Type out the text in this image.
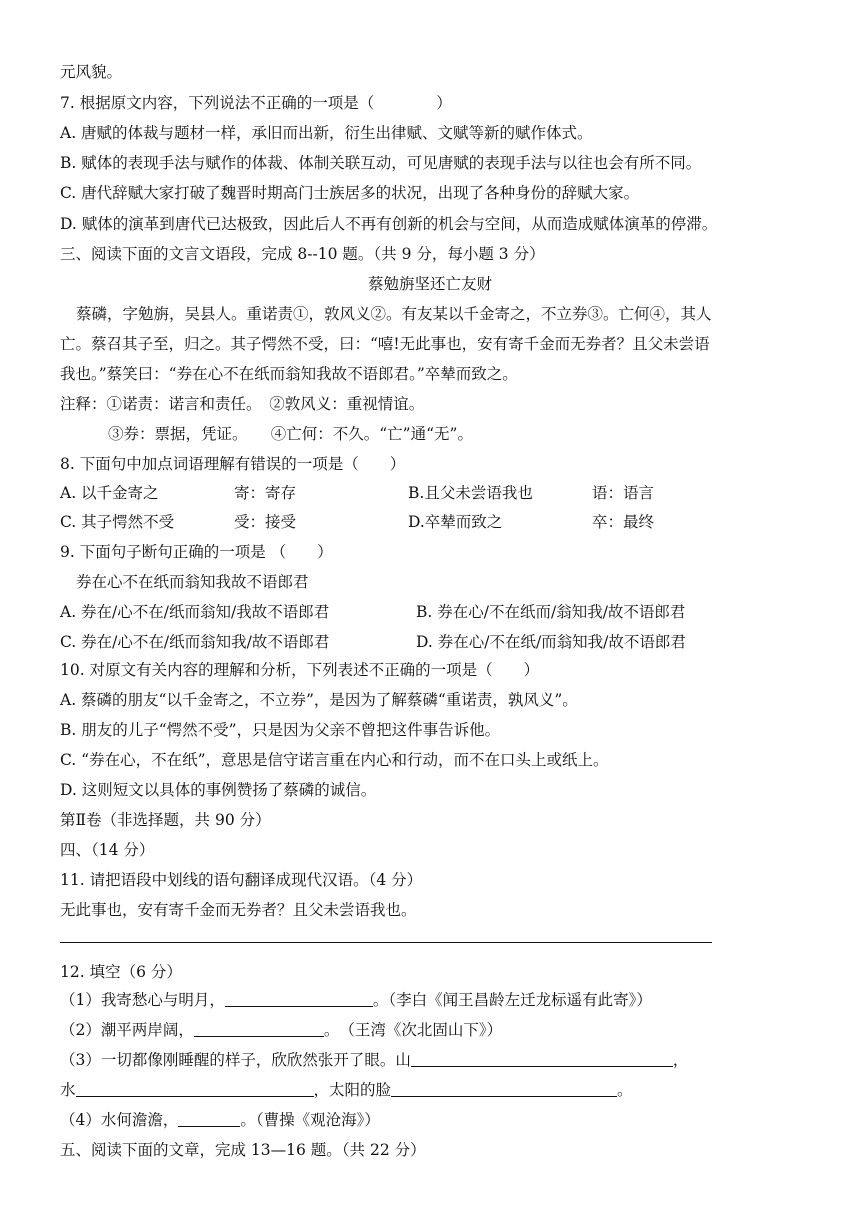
元风貌。
7. 根据原文内容，下列说法不正确的一项是（　　　　）
A. 唐赋的体裁与题材一样，承旧而出新，衍生出律赋、文赋等新的赋作体式。
B. 赋体的表现手法与赋作的体裁、体制关联互动，可见唐赋的表现手法与以往也会有所不同。
C. 唐代辞赋大家打破了魏晋时期高门士族居多的状况，出现了各种身份的辞赋大家。
D. 赋体的演革到唐代已达极致，因此后人不再有创新的机会与空间，从而造成赋体演革的停滞。
三、阅读下面的文言文语段，完成 8--10 题。（共 9 分，每小题 3 分）
蔡勉旃坚还亡友财
蔡磷，字勉旃，吴县人。重诺责①，敦风义②。有友某以千金寄之，不立券③。亡何④，其人
亡。蔡召其子至，归之。其子愕然不受，曰：“嘻!无此事也，安有寄千金而无券者？且父未尝语
我也。”蔡笑曰：“券在心不在纸而翁知我故不语郎君。”卒辇而致之。
注释：①诺责：诺言和责任。　②敦风义：重视情谊。
③券：票据，凭证。　　④亡何：不久。“亡”通“无”。
8. 下面句中加点词语理解有错误的一项是（　　）
A. 以千金寄之	寄：寄存	B.且父未尝语我也	语：语言
C. 其子愕然不受	受：接受	D.卒辇而致之	卒：最终
9. 下面句子断句正确的一项是 （　　）
券在心不在纸而翁知我故不语郎君
A. 券在/心不在/纸而翁知/我故不语郎君	B. 券在心/不在纸而/翁知我/故不语郎君
C. 券在/心不在/纸而翁知我/故不语郎君	D. 券在心/不在纸/而翁知我/故不语郎君
10. 对原文有关内容的理解和分析，下列表述不正确的一项是（　　）
A. 蔡磷的朋友“以千金寄之，不立券”，是因为了解蔡磷“重诺责，孰风义”。
B. 朋友的儿子“愕然不受”，只是因为父亲不曾把这件事告诉他。
C. “券在心，不在纸”，意思是信守诺言重在内心和行动，而不在口头上或纸上。
D. 这则短文以具体的事例赞扬了蔡磷的诚信。
第Ⅱ卷（非选择题，共 90 分）
四、（14 分）
11. 请把语段中划线的语句翻译成现代汉语。（4 分）
无此事也，安有寄千金而无券者？且父未尝语我也。
12. 填空（6 分）
（1）我寄愁心与明月，	。（李白《闻王昌龄左迁龙标遥有此寄》）
（2）潮平两岸阔，	。　（王湾《次北固山下》）
（3）一切都像刚睡醒的样子，欣欣然张开了眼。山	，
水	，太阳的脸	。
（4）水何澹澹，	。（曹操《观沧海》）
五、阅读下面的文章，完成 13—16 题。（共 22 分）
